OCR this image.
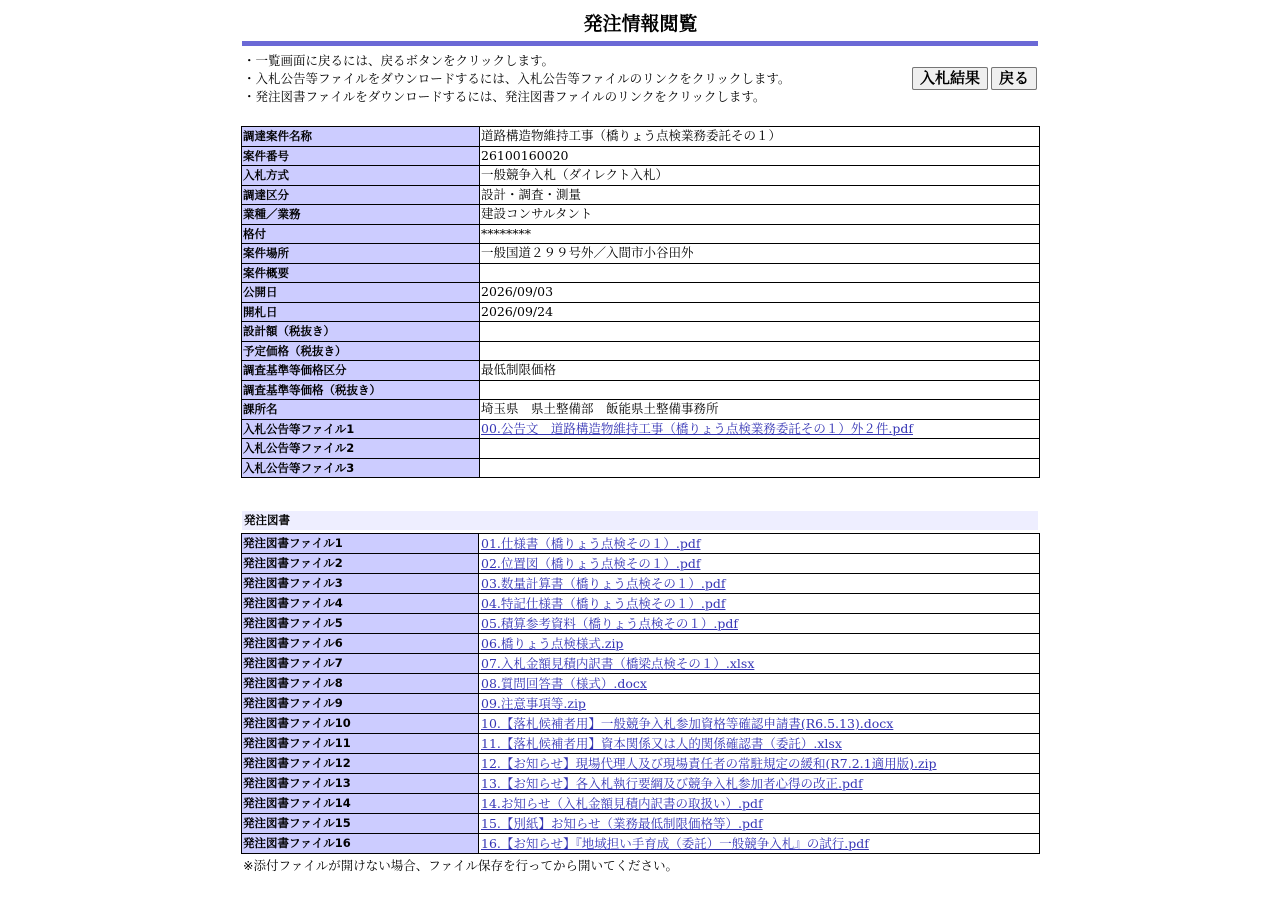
発注情報閲覧
・一覧画面に戻るには、戻るボタンをクリックします。
・入札公告等ファイルをダウンロードするには、入札公告等ファイルのリンクをクリックします。
・発注図書ファイルをダウンロードするには、発注図書ファイルのリンクをクリックします。
入札結果	戻る
調達案件名称	道路構造物維持工事（橋りょう点検業務委託その１）
案件番号	26100160020
入札方式	一般競争入札（ダイレクト入札）
調達区分	設計・調査・測量
業種／業務	建設コンサルタント
格付	********
案件場所	一般国道２９９号外／入間市小谷田外
案件概要	
公開日	2026/09/03
開札日	2026/09/24
設計額（税抜き）	
予定価格（税抜き）	
調査基準等価格区分	最低制限価格
調査基準等価格（税抜き）	
課所名	埼玉県　県土整備部　飯能県土整備事務所
入札公告等ファイル1	00.公告文　道路構造物維持工事（橋りょう点検業務委託その１）外２件.pdf
入札公告等ファイル2	
入札公告等ファイル3	
発注図書
発注図書ファイル1	01.仕様書（橋りょう点検その１）.pdf
発注図書ファイル2	02.位置図（橋りょう点検その１）.pdf
発注図書ファイル3	03.数量計算書（橋りょう点検その１）.pdf
発注図書ファイル4	04.特記仕様書（橋りょう点検その１）.pdf
発注図書ファイル5	05.積算参考資料（橋りょう点検その１）.pdf
発注図書ファイル6	06.橋りょう点検様式.zip
発注図書ファイル7	07.入札金額見積内訳書（橋梁点検その１）.xlsx
発注図書ファイル8	08.質問回答書（様式）.docx
発注図書ファイル9	09.注意事項等.zip
発注図書ファイル10	10.【落札候補者用】一般競争入札参加資格等確認申請書(R6.5.13).docx
発注図書ファイル11	11.【落札候補者用】資本関係又は人的関係確認書（委託）.xlsx
発注図書ファイル12	12.【お知らせ】現場代理人及び現場責任者の常駐規定の緩和(R7.2.1適用版).zip
発注図書ファイル13	13.【お知らせ】各入札執行要綱及び競争入札参加者心得の改正.pdf
発注図書ファイル14	14.お知らせ（入札金額見積内訳書の取扱い）.pdf
発注図書ファイル15	15.【別紙】お知らせ（業務最低制限価格等）.pdf
発注図書ファイル16	16.【お知らせ】『地域担い手育成（委託）一般競争入札』の試行.pdf
※添付ファイルが開けない場合、ファイル保存を行ってから開いてください。
